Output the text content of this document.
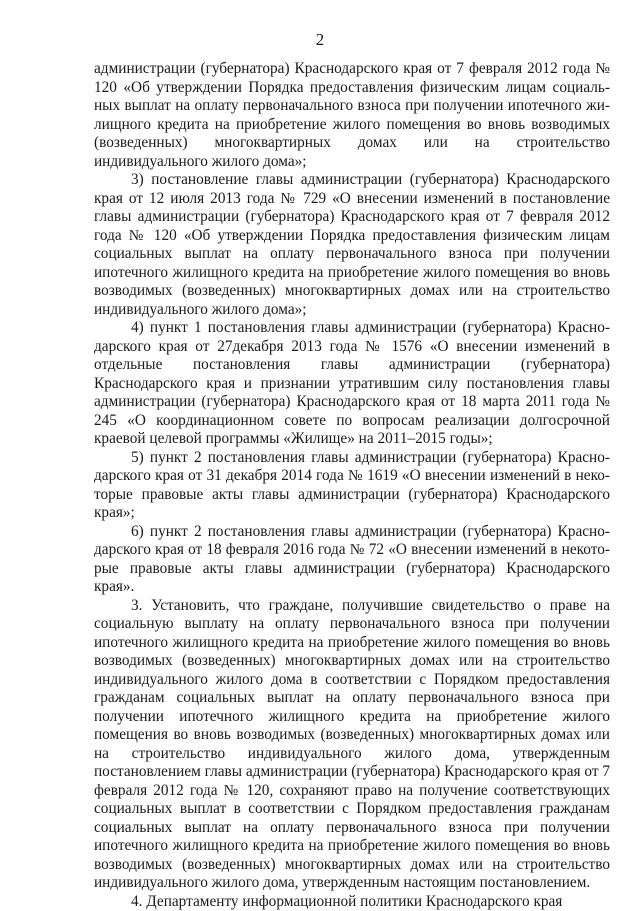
2

администрации (губернатора) Краснодарского края от 7 февраля 2012 года № 120 «Об утверждении Порядка предоставления физическим лицам социальных выплат на оплату первоначального взноса при получении ипотечного жилищного кредита на приобретение жилого помещения во вновь возводимых (возведенных) многоквартирных домах или на строительство индивидуального жилого дома»;

3) постановление главы администрации (губернатора) Краснодарского края от 12 июля 2013 года № 729 «О внесении изменений в постановление главы администрации (губернатора) Краснодарского края от 7 февраля 2012 года № 120 «Об утверждении Порядка предоставления физическим лицам социальных выплат на оплату первоначального взноса при получении ипотечного жилищного кредита на приобретение жилого помещения во вновь возводимых (возведенных) многоквартирных домах или на строительство индивидуального жилого дома»;

4) пункт 1 постановления главы администрации (губернатора) Краснодарского края от 27декабря 2013 года № 1576 «О внесении изменений в отдельные постановления главы администрации (губернатора) Краснодарского края и признании утратившим силу постановления главы администрации (губернатора) Краснодарского края от 18 марта 2011 года № 245 «О координационном совете по вопросам реализации долгосрочной краевой целевой программы «Жилище» на 2011–2015 годы»;

5) пункт 2 постановления главы администрации (губернатора) Краснодарского края от 31 декабря 2014 года № 1619 «О внесении изменений в некоторые правовые акты главы администрации (губернатора) Краснодарского края»;

6) пункт 2 постановления главы администрации (губернатора) Краснодарского края от 18 февраля 2016 года № 72 «О внесении изменений в некоторые правовые акты главы администрации (губернатора) Краснодарского края».

3. Установить, что граждане, получившие свидетельство о праве на социальную выплату на оплату первоначального взноса при получении ипотечного жилищного кредита на приобретение жилого помещения во вновь возводимых (возведенных) многоквартирных домах или на строительство индивидуального жилого дома в соответствии с Порядком предоставления гражданам социальных выплат на оплату первоначального взноса при получении ипотечного жилищного кредита на приобретение жилого помещения во вновь возводимых (возведенных) многоквартирных домах или на строительство индивидуального жилого дома, утвержденным постановлением главы администрации (губернатора) Краснодарского края от 7 февраля 2012 года № 120, сохраняют право на получение соответствующих социальных выплат в соответствии с Порядком предоставления гражданам социальных выплат на оплату первоначального взноса при получении ипотечного жилищного кредита на приобретение жилого помещения во вновь возводимых (возведенных) многоквартирных домах или на строительство индивидуального жилого дома, утвержденным настоящим постановлением.

4. Департаменту информационной политики Краснодарского края
